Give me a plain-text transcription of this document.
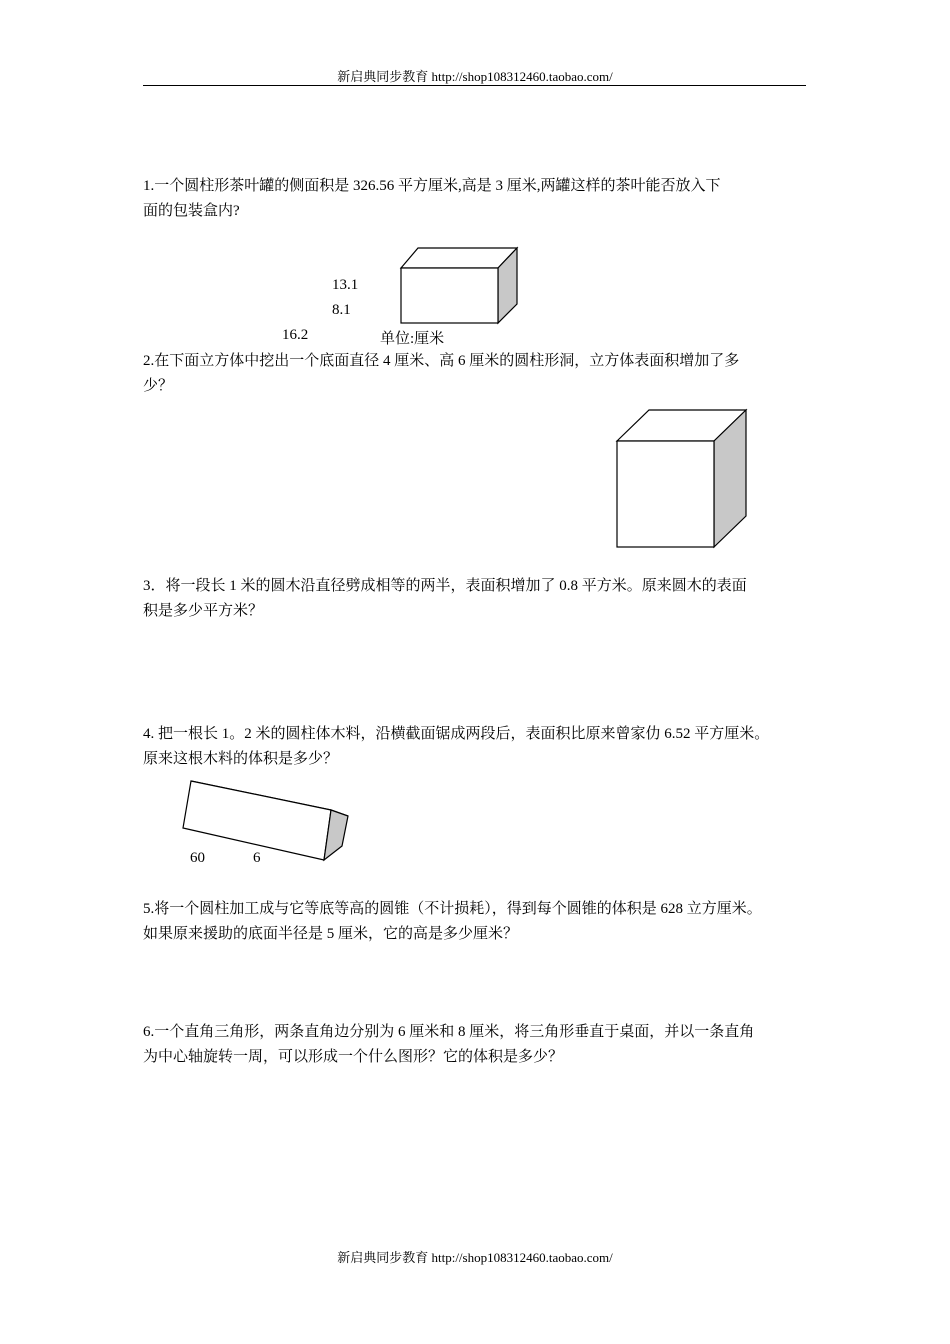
新启典同步教育 http://shop108312460.taobao.com/
1.一个圆柱形茶叶罐的侧面积是 326.56 平方厘米,高是 3 厘米,两罐这样的茶叶能否放入下
面的包装盒内?
13.1
8.1
16.2	单位:厘米
2.在下面立方体中挖出一个底面直径 4 厘米、高 6 厘米的圆柱形洞，立方体表面积增加了多
少？
3．将一段长 1 米的圆木沿直径劈成相等的两半，表面积增加了 0.8 平方米。原来圆木的表面
积是多少平方米？
4. 把一根长 1。2 米的圆柱体木料，沿横截面锯成两段后，表面积比原来曾家仂 6.52 平方厘米。
原来这根木料的体积是多少？
60	6
5.将一个圆柱加工成与它等底等高的圆锥（不计损耗），得到每个圆锥的体积是 628 立方厘米。
如果原来援助的底面半径是 5 厘米，它的高是多少厘米？
6.一个直角三角形，两条直角边分别为 6 厘米和 8 厘米，将三角形垂直于桌面，并以一条直角
为中心轴旋转一周，可以形成一个什么图形？它的体积是多少？
新启典同步教育 http://shop108312460.taobao.com/
